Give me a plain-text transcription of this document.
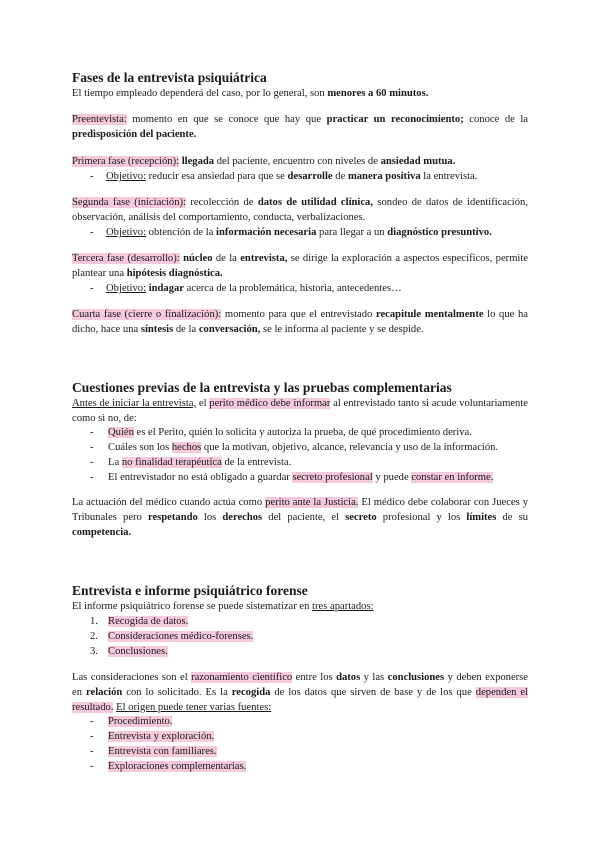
Fases de la entrevista psiquiátrica
El tiempo empleado dependerá del caso, por lo general, son menores a 60 minutos.
Preentevista: momento en que se conoce que hay que practicar un reconocimiento; conoce de la predisposición del paciente.
Primera fase (recepción): llegada del paciente, encuentro con niveles de ansiedad mutua.
- Objetivo: reducir esa ansiedad para que se desarrolle de manera positiva la entrevista.
Segunda fase (iniciación): recolección de datos de utilidad clínica, sondeo de datos de identificación, observación, análisis del comportamiento, conducta, verbalizaciones.
- Objetivo: obtención de la información necesaria para llegar a un diagnóstico presuntivo.
Tercera fase (desarrollo): núcleo de la entrevista, se dirige la exploración a aspectos específicos, permite plantear una hipótesis diagnóstica.
- Objetivo: indagar acerca de la problemática, historia, antecedentes…
Cuarta fase (cierre o finalización): momento para que el entrevistado recapitule mentalmente lo que ha dicho, hace una síntesis de la conversación, se le informa al paciente y se despide.
Cuestiones previas de la entrevista y las pruebas complementarias
Antes de iniciar la entrevista, el perito médico debe informar al entrevistado tanto si acude voluntariamente como si no, de:
- Quién es el Perito, quién lo solicita y autoriza la prueba, de qué procedimiento deriva.
- Cuáles son los hechos que la motivan, objetivo, alcance, relevancia y uso de la información.
- La no finalidad terapéutica de la entrevista.
- El entrevistador no está obligado a guardar secreto profesional y puede constar en informe.
La actuación del médico cuando actúa como perito ante la Justicia. El médico debe colaborar con Jueces y Tribunales pero respetando los derechos del paciente, el secreto profesional y los límites de su competencia.
Entrevista e informe psiquiátrico forense
El informe psiquiátrico forense se puede sistematizar en tres apartados:
1. Recogida de datos.
2. Consideraciones médico-forenses.
3. Conclusiones.
Las consideraciones son el razonamiento científico entre los datos y las conclusiones y deben exponerse en relación con lo solicitado. Es la recogida de los datos que sirven de base y de los que dependen el resultado. El origen puede tener varias fuentes:
- Procedimiento.
- Entrevista y exploración.
- Entrevista con familiares.
- Exploraciones complementarias.
